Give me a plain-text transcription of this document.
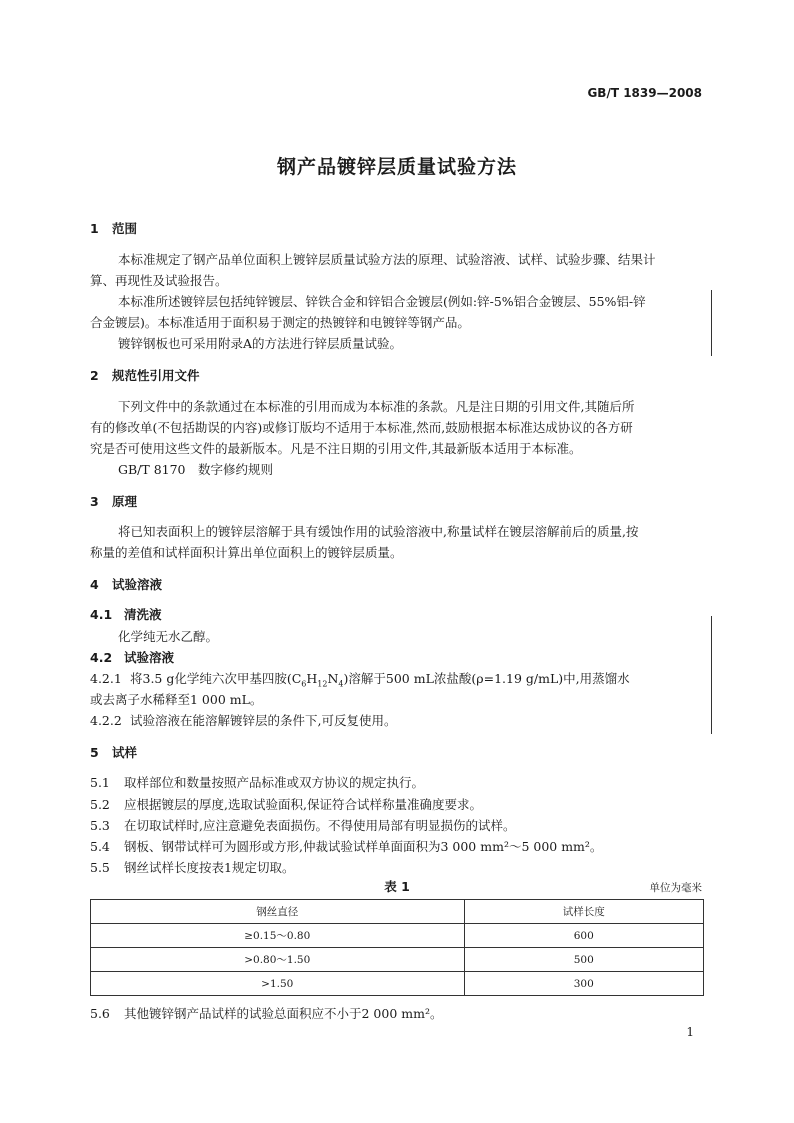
GB/T 1839—2008
钢产品镀锌层质量试验方法
1 范围
本标准规定了钢产品单位面积上镀锌层质量试验方法的原理、试验溶液、试样、试验步骤、结果计
算、再现性及试验报告。
本标准所述镀锌层包括纯锌镀层、锌铁合金和锌铝合金镀层(例如:锌-5%铝合金镀层、55%铝-锌
合金镀层)。本标准适用于面积易于测定的热镀锌和电镀锌等钢产品。
镀锌钢板也可采用附录A的方法进行锌层质量试验。
2 规范性引用文件
下列文件中的条款通过在本标准的引用而成为本标准的条款。凡是注日期的引用文件,其随后所
有的修改单(不包括勘误的内容)或修订版均不适用于本标准,然而,鼓励根据本标准达成协议的各方研
究是否可使用这些文件的最新版本。凡是不注日期的引用文件,其最新版本适用于本标准。
GB/T 8170　数字修约规则
3 原理
将已知表面积上的镀锌层溶解于具有缓蚀作用的试验溶液中,称量试样在镀层溶解前后的质量,按
称量的差值和试样面积计算出单位面积上的镀锌层质量。
4 试验溶液
4.1 清洗液
化学纯无水乙醇。
4.2 试验溶液
4.2.1 将3.5 g化学纯六次甲基四胺$(C_6H_{12}N_4)$溶解于500 mL浓盐酸(ρ=1.19 g/mL)中,用蒸馏水
或去离子水稀释至1 000 mL。
4.2.2 试验溶液在能溶解镀锌层的条件下,可反复使用。
5 试样
5.1 取样部位和数量按照产品标准或双方协议的规定执行。
5.2 应根据镀层的厚度,选取试验面积,保证符合试样称量准确度要求。
5.3 在切取试样时,应注意避免表面损伤。不得使用局部有明显损伤的试样。
5.4 钢板、钢带试样可为圆形或方形,仲裁试验试样单面面积为3 000 mm²～5 000 mm²。
5.5 钢丝试样长度按表1规定切取。
表 1	单位为毫米
钢丝直径	试样长度
≥0.15～0.80	600
>0.80～1.50	500
>1.50	300
5.6 其他镀锌钢产品试样的试验总面积应不小于2 000 mm²。
1
